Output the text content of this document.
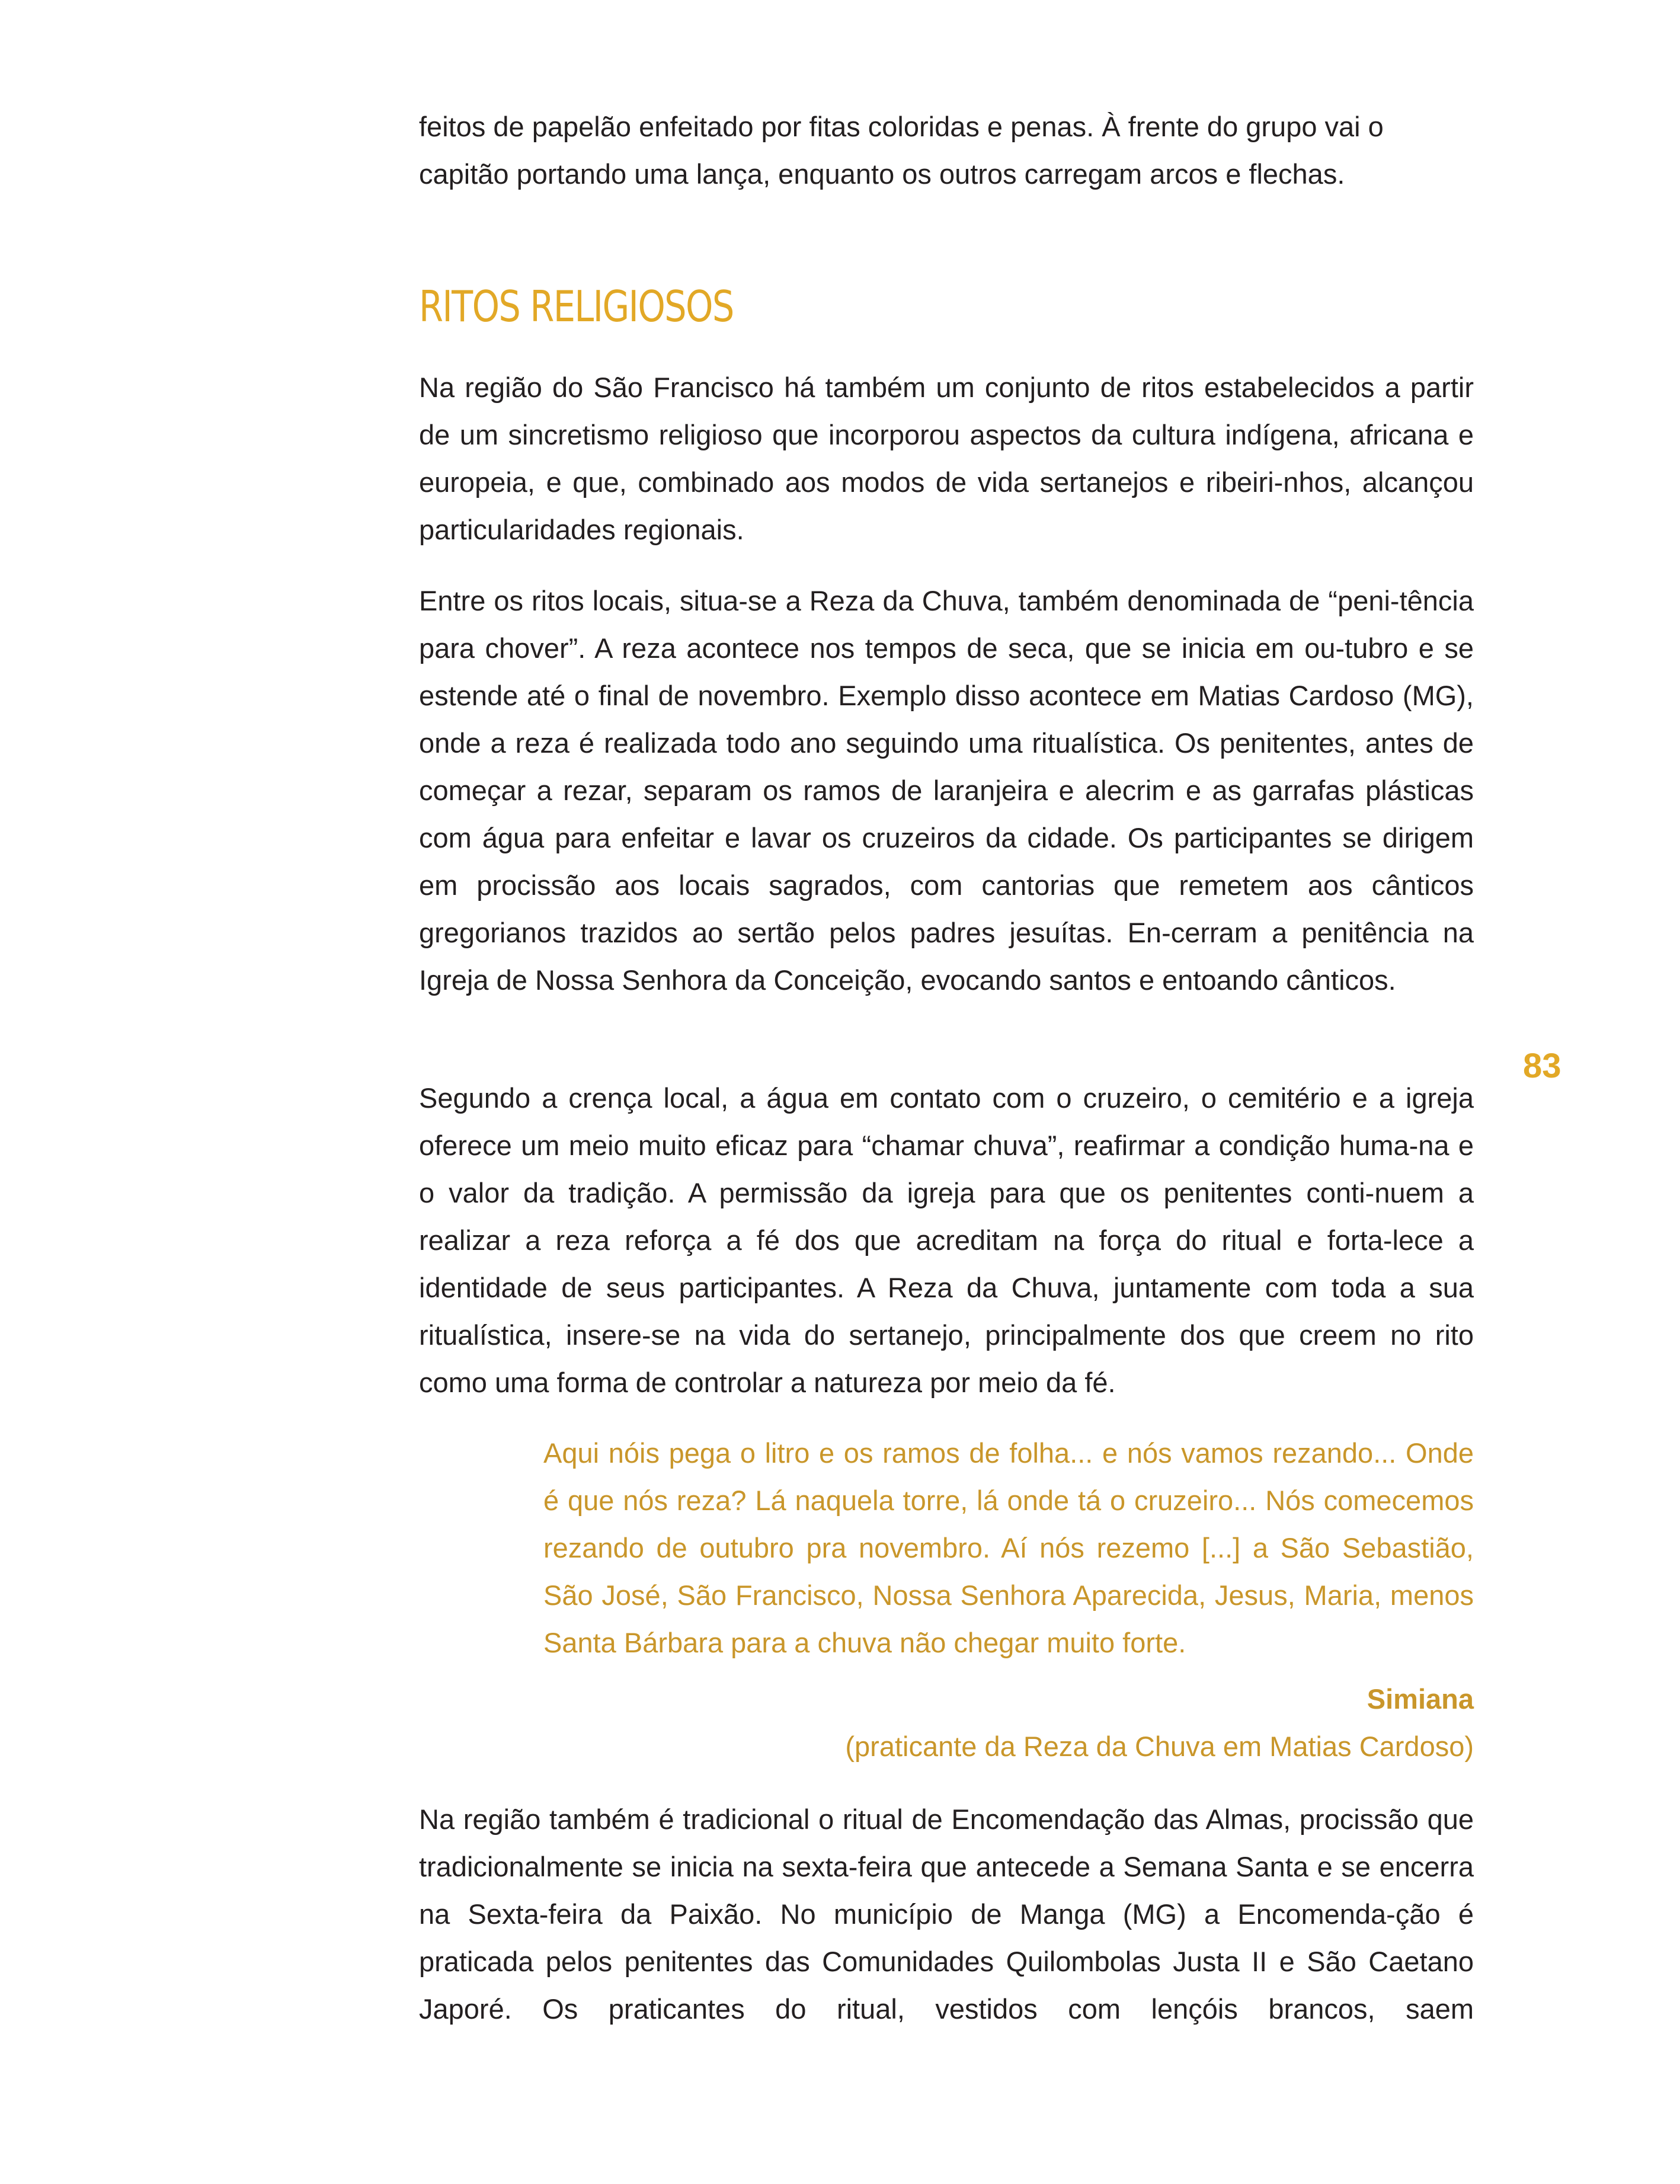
feitos de papelão enfeitado por fitas coloridas e penas. À frente do grupo vai o

capitão portando uma lança, enquanto os outros carregam arcos e flechas.

RITOS RELIGIOSOS

Na região do São Francisco há também um conjunto de ritos estabelecidos a partir de um sincretismo religioso que incorporou aspectos da cultura indígena, africana e europeia, e que, combinado aos modos de vida sertanejos e ribeiri-nhos, alcançou particularidades regionais.

Entre os ritos locais, situa-se a Reza da Chuva, também denominada de “peni-tência para chover”. A reza acontece nos tempos de seca, que se inicia em ou-tubro e se estende até o final de novembro. Exemplo disso acontece em Matias Cardoso (MG), onde a reza é realizada todo ano seguindo uma ritualística. Os penitentes, antes de começar a rezar, separam os ramos de laranjeira e alecrim e as garrafas plásticas com água para enfeitar e lavar os cruzeiros da cidade. Os participantes se dirigem em procissão aos locais sagrados, com cantorias que remetem aos cânticos gregorianos trazidos ao sertão pelos padres jesuítas. En-cerram a penitência na Igreja de Nossa Senhora da Conceição, evocando santos e entoando cânticos.

Segundo a crença local, a água em contato com o cruzeiro, o cemitério e a igreja oferece um meio muito eficaz para “chamar chuva”, reafirmar a condição huma-na e o valor da tradição. A permissão da igreja para que os penitentes conti-nuem a realizar a reza reforça a fé dos que acreditam na força do ritual e forta-lece a identidade de seus participantes. A Reza da Chuva, juntamente com toda a sua ritualística, insere-se na vida do sertanejo, principalmente dos que creem no rito como uma forma de controlar a natureza por meio da fé.

Aqui nóis pega o litro e os ramos de folha... e nós vamos rezando... Onde é que nós reza? Lá naquela torre, lá onde tá o cruzeiro... Nós comecemos rezando de outubro pra novembro. Aí nós rezemo [...] a São Sebastião, São José, São Francisco, Nossa Senhora Aparecida, Jesus, Maria, menos Santa Bárbara para a chuva não chegar muito forte.

Simiana

(praticante da Reza da Chuva em Matias Cardoso)

Na região também é tradicional o ritual de Encomendação das Almas, procissão que tradicionalmente se inicia na sexta-feira que antecede a Semana Santa e se encerra na Sexta-feira da Paixão. No município de Manga (MG) a Encomenda-ção é praticada pelos penitentes das Comunidades Quilombolas Justa II e São Caetano Japoré. Os praticantes do ritual, vestidos com lençóis brancos, saem

83
